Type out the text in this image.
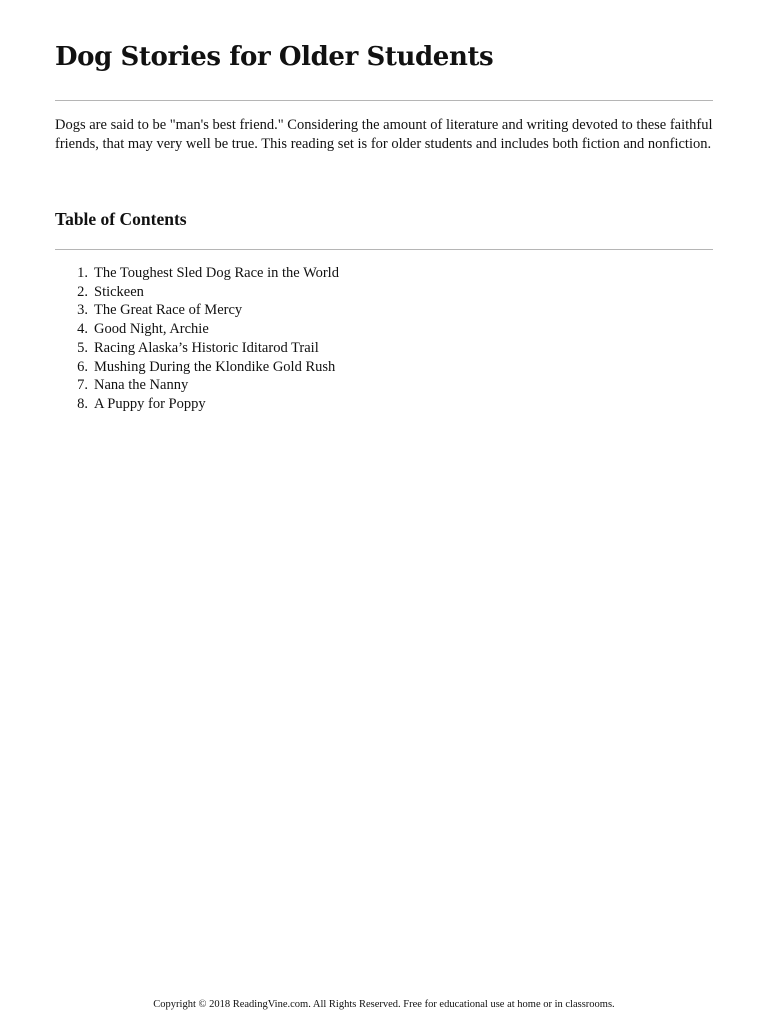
Dog Stories for Older Students

Dogs are said to be "man's best friend." Considering the amount of literature and writing devoted to these faithful friends, that may very well be true. This reading set is for older students and includes both fiction and nonfiction.

Table of Contents
1. The Toughest Sled Dog Race in the World
2. Stickeen
3. The Great Race of Mercy
4. Good Night, Archie
5. Racing Alaska’s Historic Iditarod Trail
6. Mushing During the Klondike Gold Rush
7. Nana the Nanny
8. A Puppy for Poppy
Copyright © 2018 ReadingVine.com. All Rights Reserved. Free for educational use at home or in classrooms.
